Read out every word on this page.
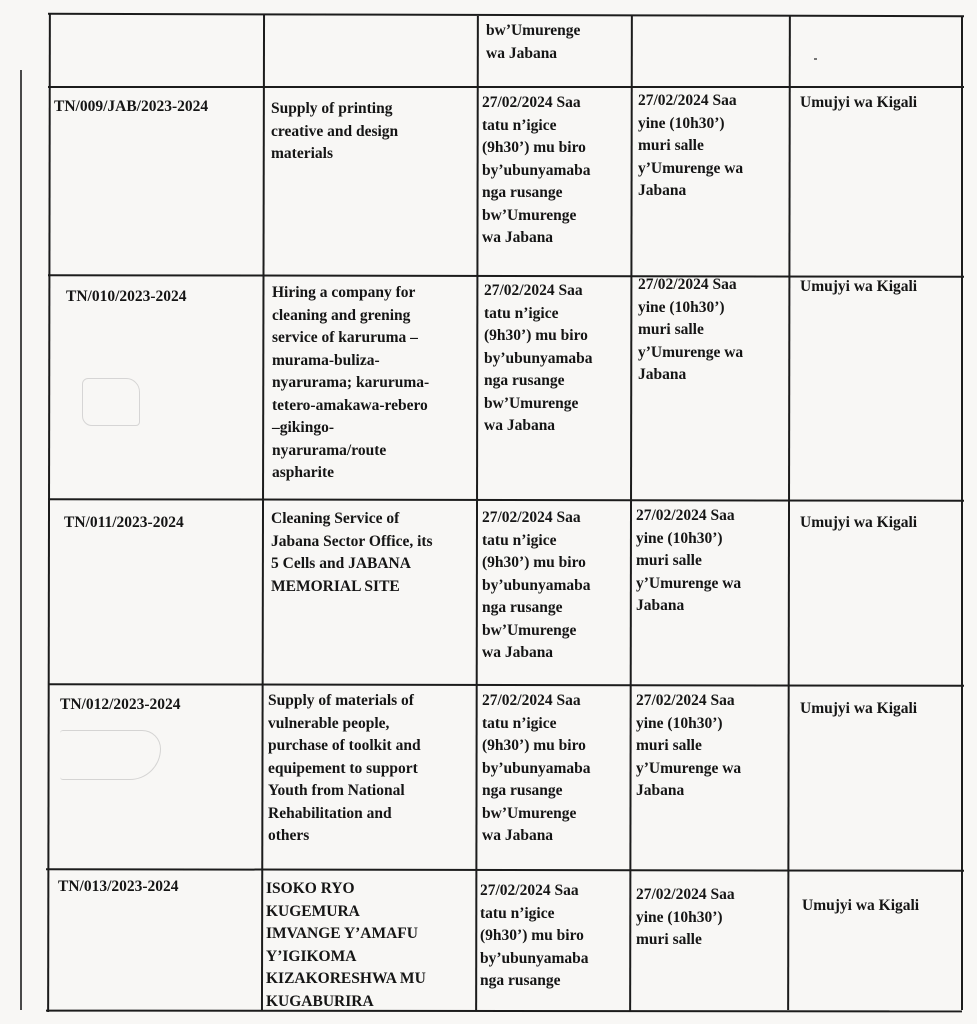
bw’Umurenge
wa Jabana
TN/009/JAB/2023-2024	Supply of printing
creative and design
materials
27/02/2024 Saa
tatu n’igice
(9h30’) mu biro
by’ubunyamaba
nga rusange
bw’Umurenge
wa Jabana
27/02/2024 Saa
yine (10h30’)
muri salle
y’Umurenge wa
Jabana
Umujyi wa Kigali
TN/010/2023-2024	Hiring a company for
cleaning and grening
service of karuruma –
murama-buliza-
nyarurama; karuruma-
tetero-amakawa-rebero
–gikingo-
nyarurama/route
aspharite
27/02/2024 Saa
tatu n’igice
(9h30’) mu biro
by’ubunyamaba
nga rusange
bw’Umurenge
wa Jabana
27/02/2024 Saa
yine (10h30’)
muri salle
y’Umurenge wa
Jabana
Umujyi wa Kigali
TN/011/2023-2024	Cleaning Service of
Jabana Sector Office, its
5 Cells and JABANA
MEMORIAL SITE
27/02/2024 Saa
tatu n’igice
(9h30’) mu biro
by’ubunyamaba
nga rusange
bw’Umurenge
wa Jabana
27/02/2024 Saa
yine (10h30’)
muri salle
y’Umurenge wa
Jabana
Umujyi wa Kigali
TN/012/2023-2024	Supply of materials of
vulnerable people,
purchase of toolkit and
equipement to support
Youth from National
Rehabilitation and
others
27/02/2024 Saa
tatu n’igice
(9h30’) mu biro
by’ubunyamaba
nga rusange
bw’Umurenge
wa Jabana
27/02/2024 Saa
yine (10h30’)
muri salle
y’Umurenge wa
Jabana
Umujyi wa Kigali
TN/013/2023-2024	ISOKO RYO
KUGEMURA
IMVANGE Y’AMAFU
Y’IGIKOMA
KIZAKORESHWA MU
KUGABURIRA
27/02/2024 Saa
tatu n’igice
(9h30’) mu biro
by’ubunyamaba
nga rusange
27/02/2024 Saa
yine (10h30’)
muri salle
Umujyi wa Kigali
